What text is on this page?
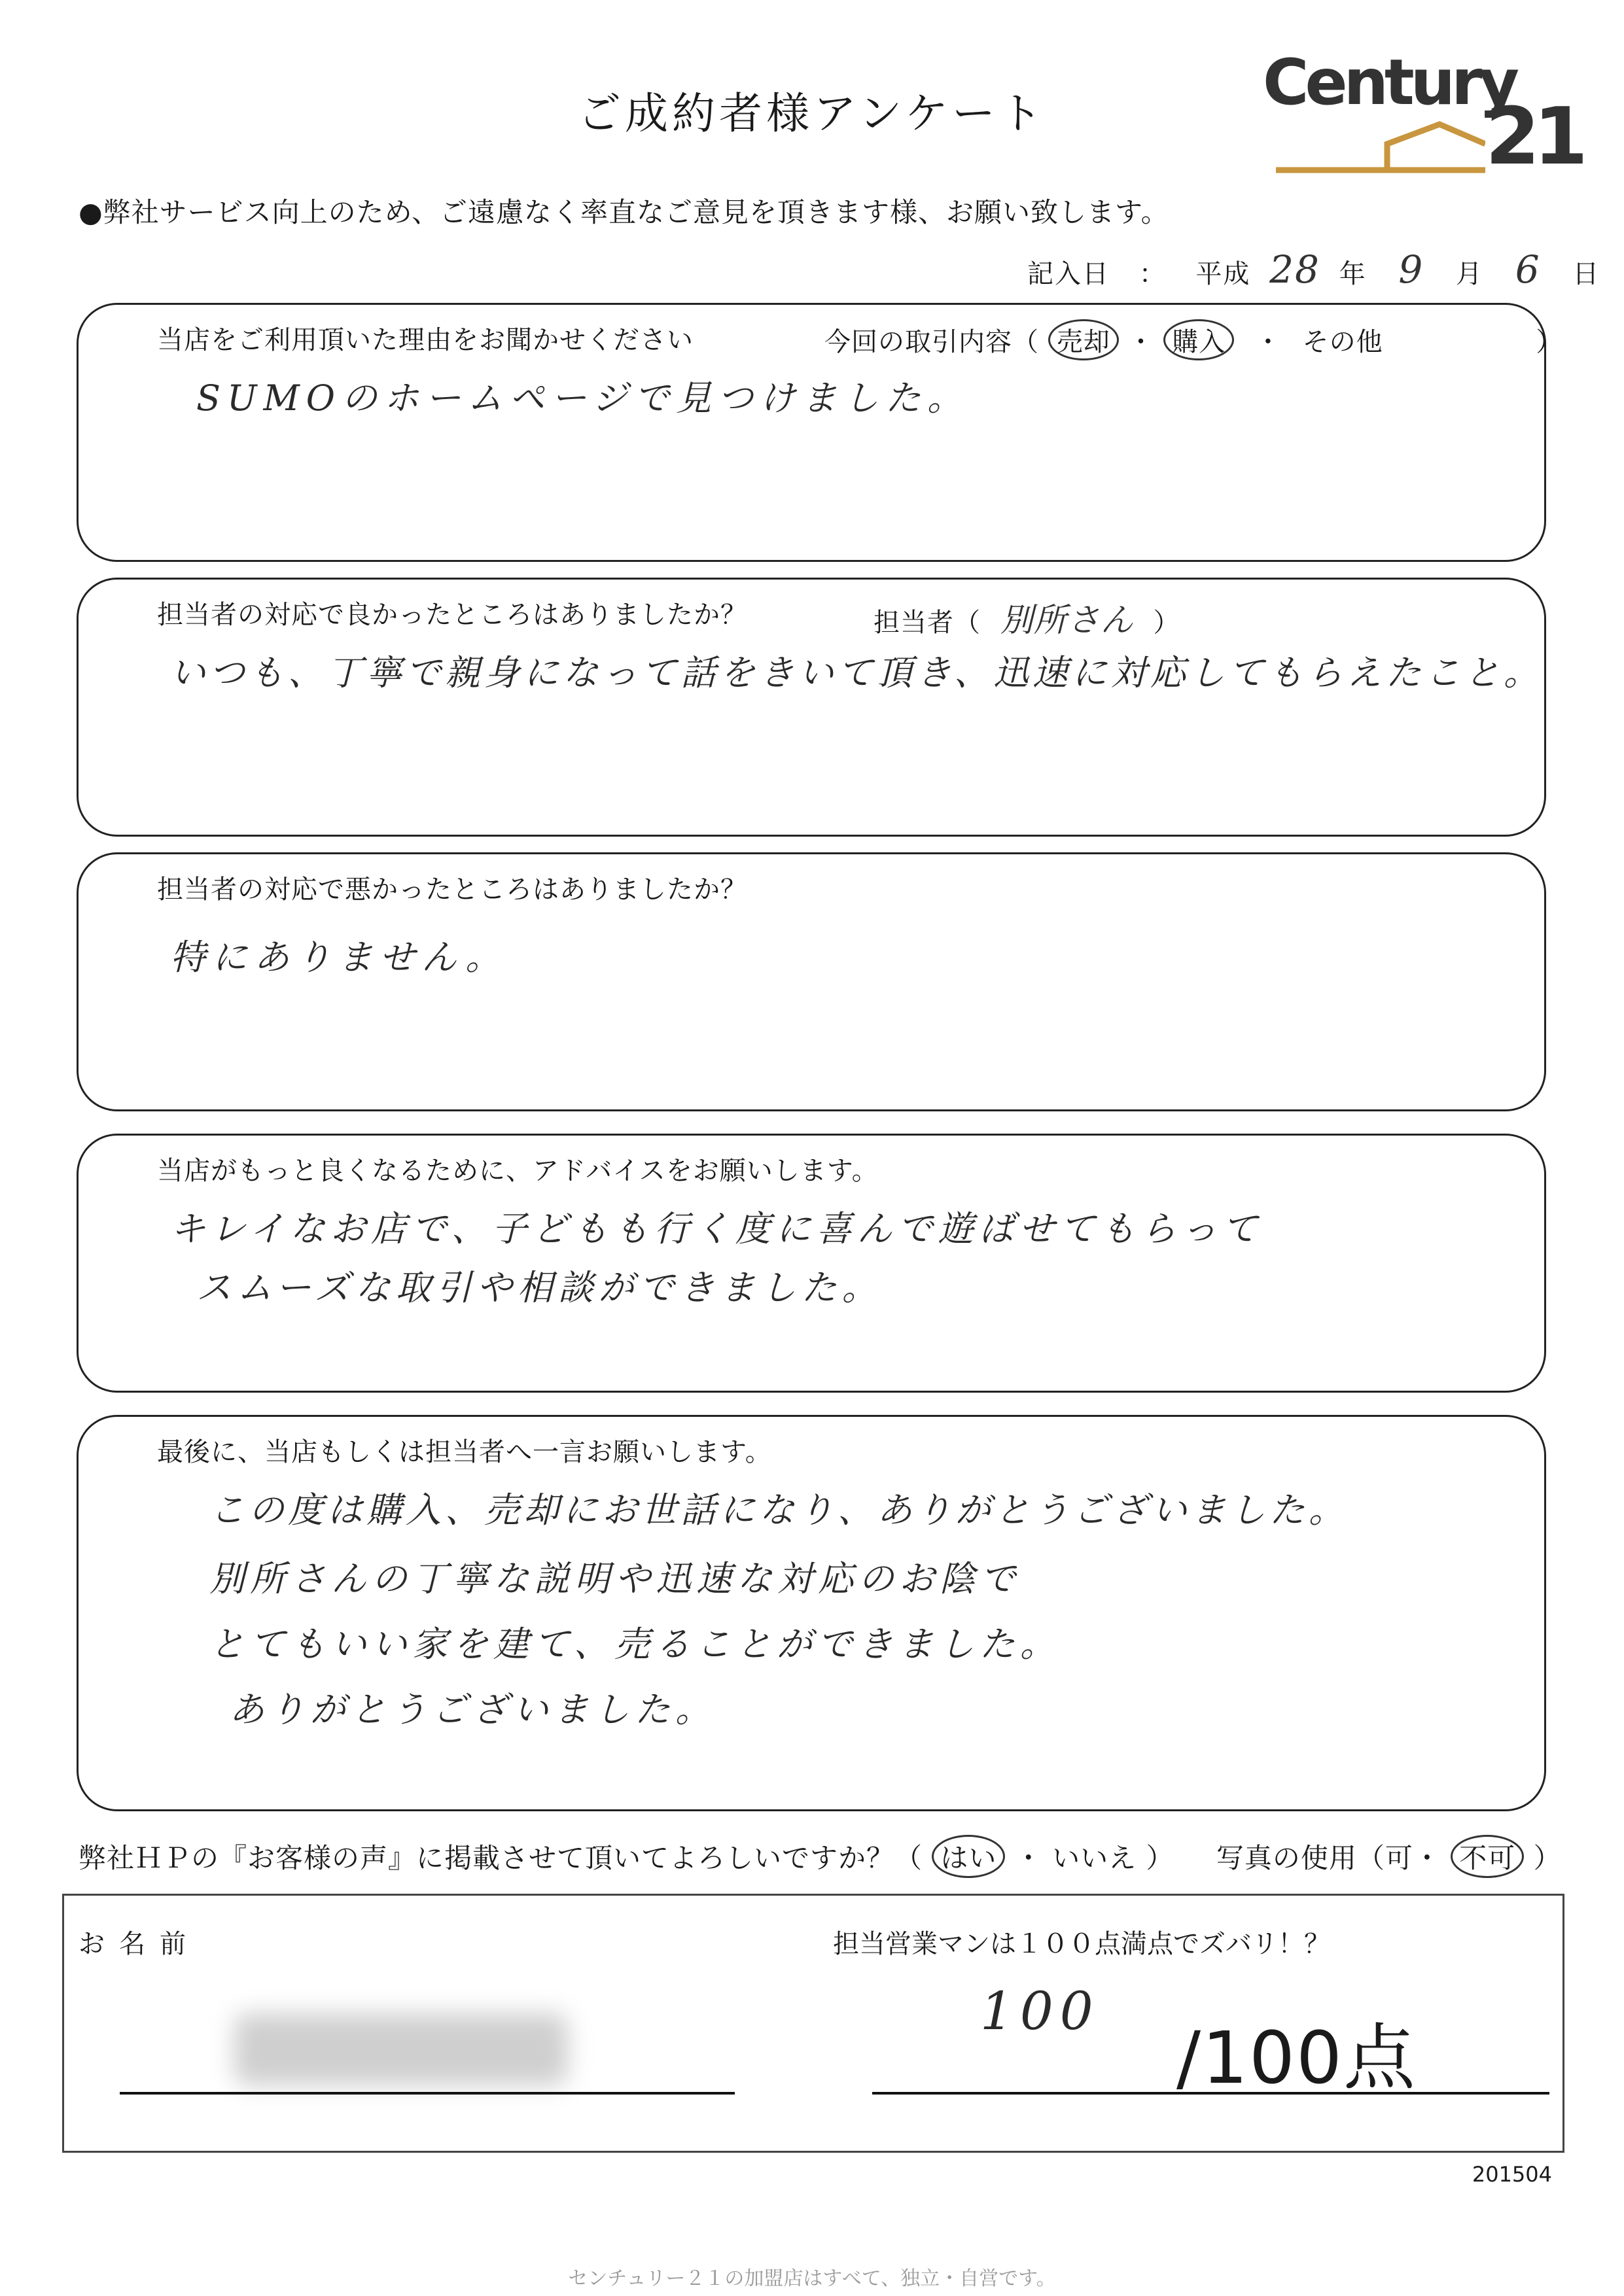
ご成約者様アンケート	Century
21
●弊社サービス向上のため、ご遠慮なく率直なご意見を頂きます様、お願い致します。
記入日 ： 平成 28 年 9 月 6 日
当店をご利用頂いた理由をお聞かせください	今回の取引内容（ 売却 ・ 購入 ・ その他	）
SUMOのホームページで見つけました。
担当者の対応で良かったところはありましたか？	担当者（ 別所さん ）
いつも、丁寧で親身になって話をきいて頂き、迅速に対応してもらえたこと。
担当者の対応で悪かったところはありましたか？
特にありません。
当店がもっと良くなるために、アドバイスをお願いします。
キレイなお店で、子どもも行く度に喜んで遊ばせてもらって
スムーズな取引や相談ができました。
最後に、当店もしくは担当者へ一言お願いします。
この度は購入、売却にお世話になり、ありがとうございました。
別所さんの丁寧な説明や迅速な対応のお陰で
とてもいい家を建て、売ることができました。
ありがとうございました。
弊社ＨＰの『お客様の声』に掲載させて頂いてよろしいですか？（ はい ・ いいえ ） 写真の使用（可・ 不可 ）
お名前	担当営業マンは１００点満点でズバリ！？
100
/100点
201504
センチュリー２１の加盟店はすべて、独立・自営です。
